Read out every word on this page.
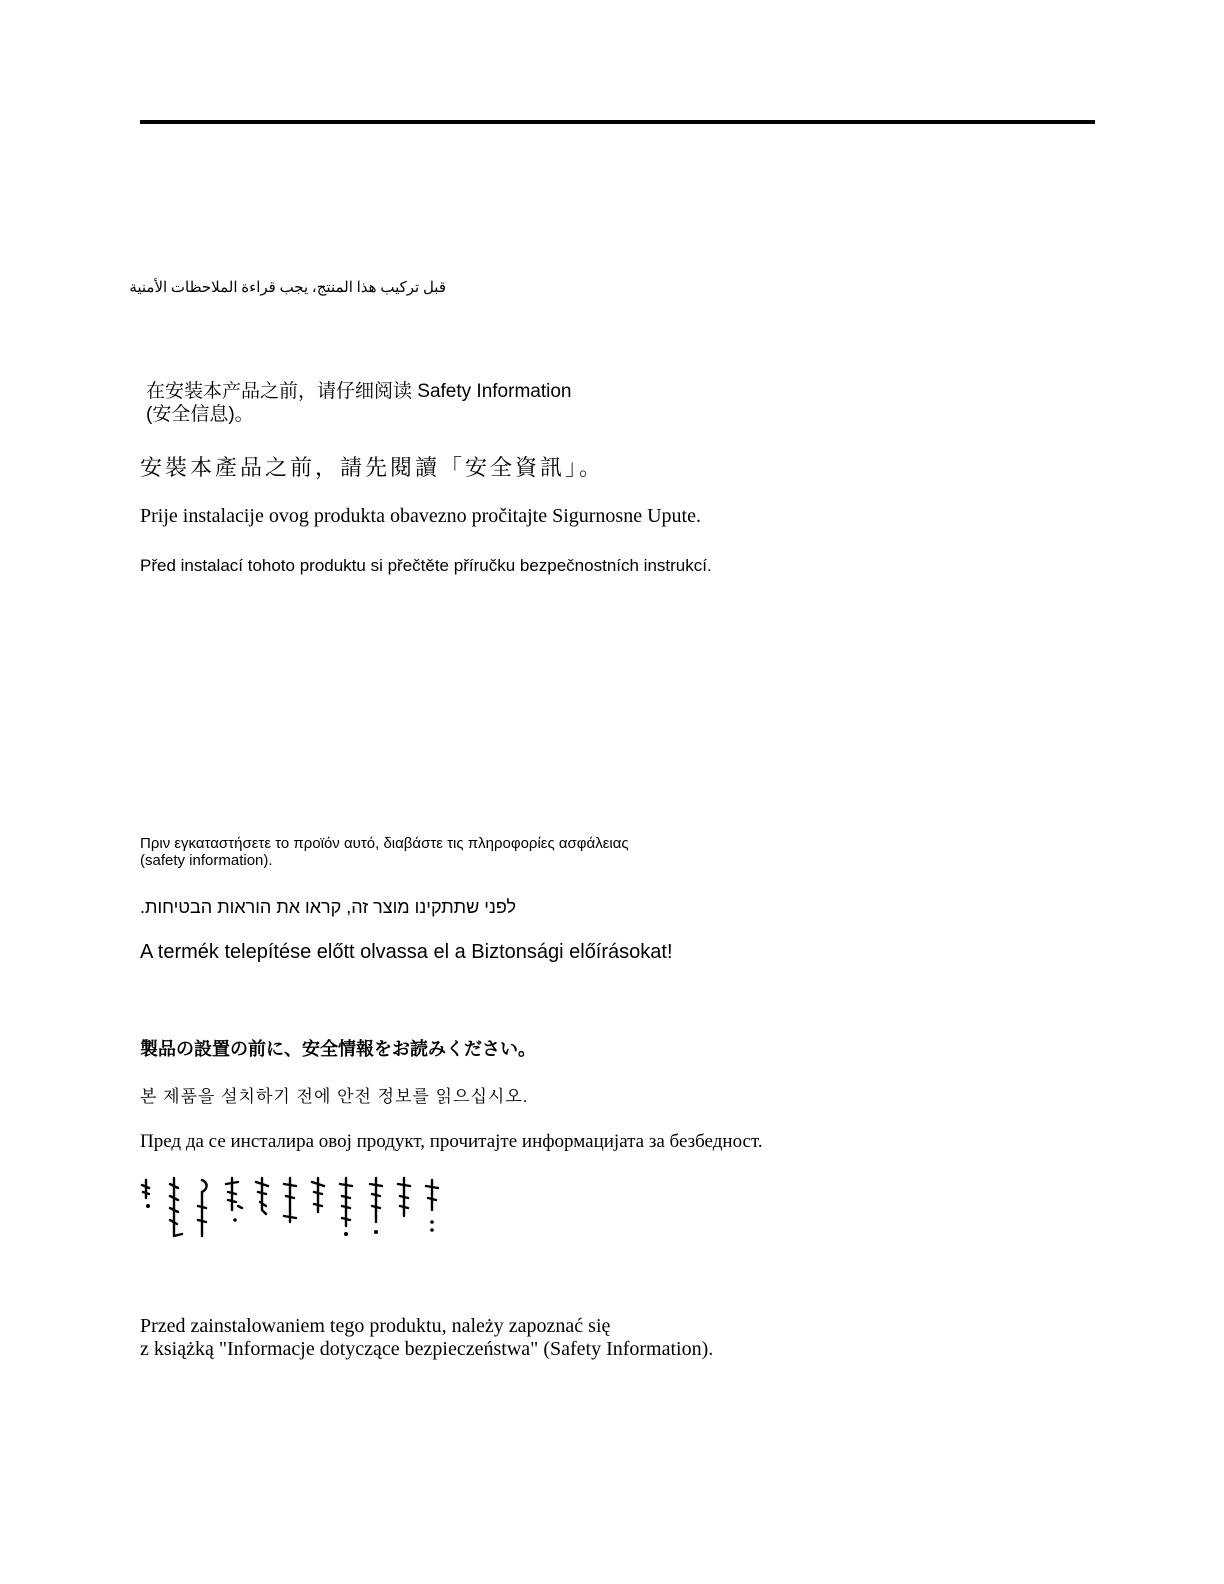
قبل تركيب هذا المنتج، يجب قراءة الملاحظات الأمنية
在安装本产品之前，请仔细阅读 Safety Information
(安全信息)。
安裝本產品之前，請先閱讀「安全資訊」。
Prije instalacije ovog produkta obavezno pročitajte Sigurnosne Upute.
Před instalací tohoto produktu si přečtěte příručku bezpečnostních instrukcí.
Πριν εγκαταστήσετε το προϊόν αυτό, διαβάστε τις πληροφορίες ασφάλειας
(safety information).
לפני שתתקינו מוצר זה, קראו את הוראות הבטיחות.
A termék telepítése előtt olvassa el a Biztonsági előírásokat!
製品の設置の前に、安全情報をお読みください。
본 제품을 설치하기 전에 안전 정보를 읽으십시오.
Пред да се инсталира овој продукт, прочитајте информацијата за безбедност.
Przed zainstalowaniem tego produktu, należy zapoznać się
z książką "Informacje dotyczące bezpieczeństwa" (Safety Information).
